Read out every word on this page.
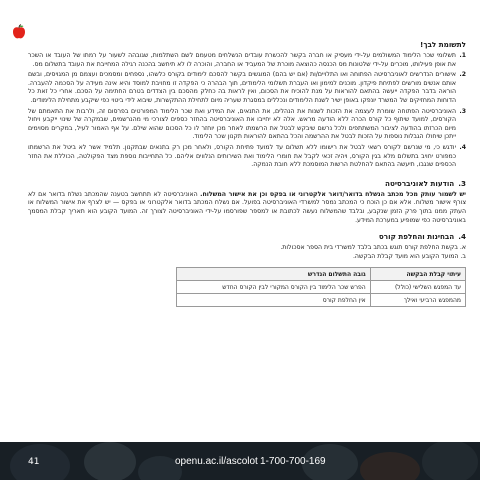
לתשומת לבך!
1.
תשלומי שכר הלימוד המשולמים על-ידי מעסיק או חברה בקשר להכשרת עובדים הנשלחים מטעמם לשם השתלמות, שגובהה לשעור על רמתו של העובד או השכר את אופן פעילותו, מוכרים על-ידי שלטונות מס הכנסה כהוצאה מוכרת של המעביד או החברה, והוכרה לו לא תיחשב בהכנה רגילה המחייבת את העובד בתשלום מס.
2.
אישורים הנדרשים לאוניברסיטה הפתוחה ואו התלויים/ות (אם יש בהם) המוגשים בקשר להסכם לימודים בקורס כלשהו, נספחים ומסמכים ועצמם מן המגויסים, ובשם אותם אנשים מורשים לפתיחת פיקדון. מוכנים למימון ואו העברת תשלומי הלימודים, תוך הבהרה כי הפקדה זו מחויבת למוסד והיא אינה מעידה על הסכמה להעברה. הוראה בדבר הפקדה ייעשה בהתאם להוראות על מנת להוכיח את הסכום, ואין לראות בה כחלק מהסכם בין הצדדים בטרם החתימה על הסכם. אחרי כל זאת כל הדוחות המחזיקים של המשרד יונפקו באופן ישיר לשנת הלימודים ונכללים במסגרת שעריה מיום לתחילת ההתקשרות, שיבוא לידי ביטוי כפי שיקבע מתחילת הלימודים.
3.
האוניברסיטה הפתוחה שומרת לעצמה את הזכות לשנות את הנהלים, את התנאים, את המידע ואת שכר הלימוד המפורטים בפרסום זה, ולרבות את התאמתם של הקורסים, למועד שיתוף כל קורס הכרה ללא הודעה מראש. אלה לא יחייבו את האוניברסיטה בהחזר כספים לצורכי מי מהנרשמים, שבמקרה של שינוי ייקבע ויחול מיום הכרזתו בהודעה לציבור המשתתפים ולכל נרשם שיבקש לבטל את הרשמתו לאחר מכן יוחזר לו כל הסכום שהוא שילם. על אף האמור לעיל, במקרים מסוימים ייתכן שיחולו הגבלות נוספות על הזכות לבטל את ההרשמה והכל בהתאם להוראות תקנון שכר הלימוד.
4.
יודגש כי, מי שנרשם לקורס רשאי לבטל את רישומו ללא תשלום עד למועד פתיחת הקורס, ולאחר מכן רק בתנאים שבתקנון. תלמיד אשר לא ביטל את הרשמתו כמפורט יחויב בתשלום מלא בגין הקורס, ויהיה זכאי לקבל את חומרי הלימוד ואת השירותים הנלווים אליהם. כל התחייבות נוספת מצד הפקולטה, הכוללת את החזר הכספים שנגבו, תיעשה בהתאם להחלטת הרשות המוסמכת ללא חובת הנמקה.
3.הודעות לאוניברסיטה

יש לשמור עותק מכל מכתב הנשלח בדואר/דואר אלקטרוני או בפקס וכן את אישור המשלוח. האוניברסיטה לא תתחשב בטענה שהמכתב נשלח בדואר אם לא צורף אישור משלוח. אלא אם כן הוכח כי המכתב נמסר למשרדי האוניברסיטה בפועל. אם נשלח המכתב בדואר אלקטרוני או בפקס — יש לצרף את אישור המשלוח או העתק ממנו בתוך פרק הזמן שנקבע, ובלבד שהמשלוח נעשה לכתובת או למספר שפורסמו על-ידי האוניברסיטה לצורך זה. המועד הקובע הוא תאריך קבלת המסמך באוניברסיטה כפי שמופיע במערכת המידע.

4.הבחינות והחלפת קורס

א. בקשת החלפת קורס תוגש בכתב בלבד למשרדי בית הספר אסכולות.

ב. המועד הקובע הוא מועד קבלת הבקשה.

עיתוי קבלת הבקשה	גובה התשלום הנדרש
עד המפגש השלישי (כולל)	הפרש שכר הלימוד בין הקורס המקורי לבין הקורס החדש
מהמפגש הרביעי ואילך	אין החלפת קורס
41	openu.ac.il/ascolot 1-700-700-169
